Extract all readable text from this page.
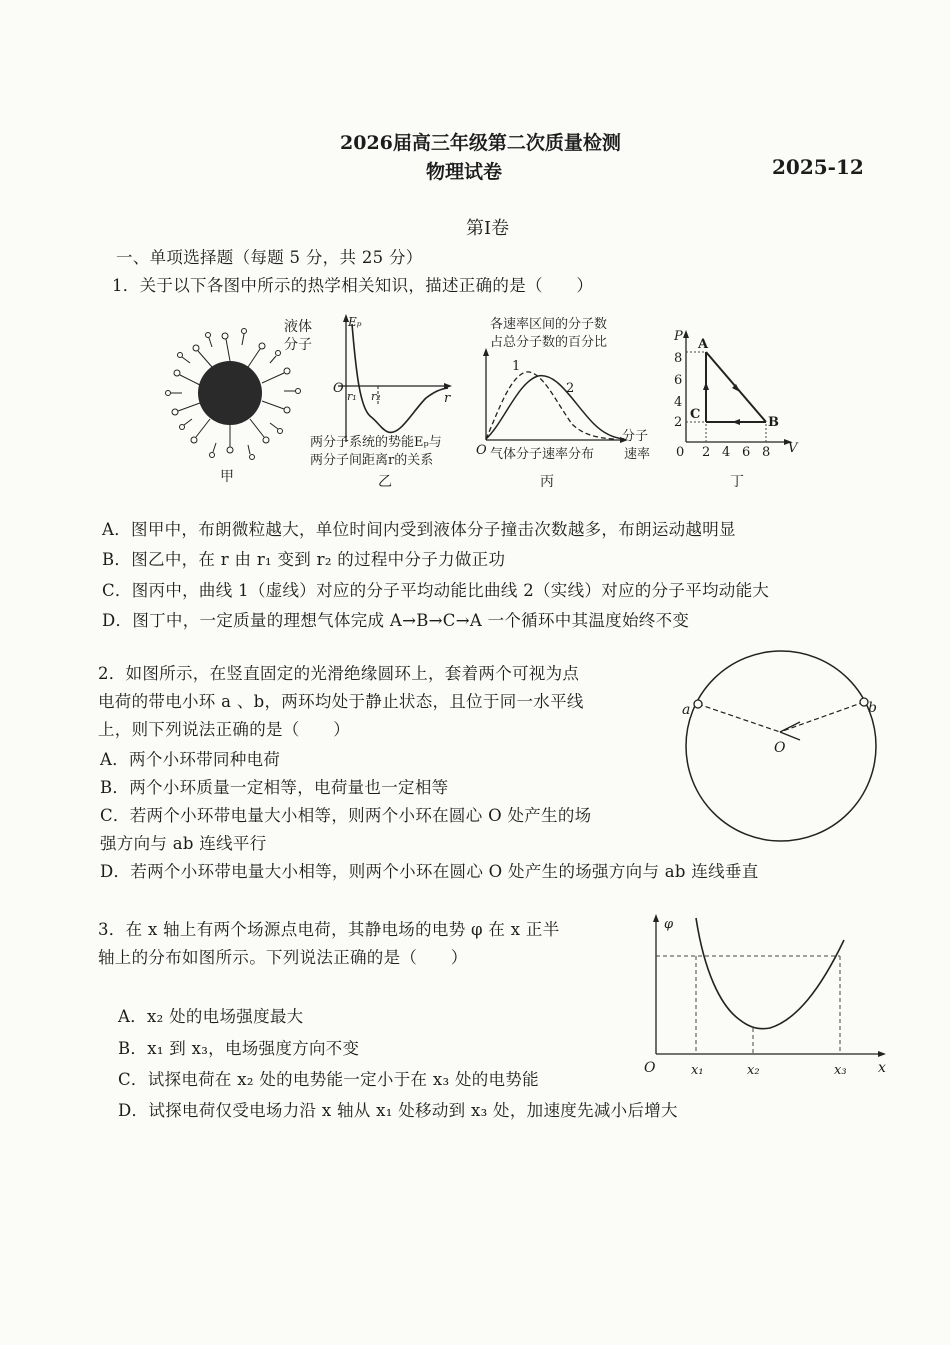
2026届高三年级第二次质量检测
物理试卷	2025-12
第I卷
一、单项选择题（每题 5 分，共 25 分）
1．关于以下各图中所示的热学相关知识，描述正确的是（　　）
液体
分子
甲
Eₚ
O
r₁ r₂	r
两分子系统的势能Eₚ与
两分子间距离r的关系
乙
各速率区间的分子数
占总分子数的百分比
1
2
O 气体分子速率分布
分子
速率
丙
P
8
6
4
2
0 2 4 6 8 V
A
B
C
丁
A．图甲中，布朗微粒越大，单位时间内受到液体分子撞击次数越多，布朗运动越明显
B．图乙中，在 r 由 r₁ 变到 r₂ 的过程中分子力做正功
C．图丙中，曲线 1（虚线）对应的分子平均动能比曲线 2（实线）对应的分子平均动能大
D．图丁中，一定质量的理想气体完成 A→B→C→A 一个循环中其温度始终不变
2．如图所示，在竖直固定的光滑绝缘圆环上，套着两个可视为点
电荷的带电小环 a 、b，两环均处于静止状态，且位于同一水平线
上，则下列说法正确的是（　　）
A．两个小环带同种电荷
B．两个小环质量一定相等，电荷量也一定相等
C．若两个小环带电量大小相等，则两个小环在圆心 O 处产生的场
强方向与 ab 连线平行
D．若两个小环带电量大小相等，则两个小环在圆心 O 处产生的场强方向与 ab 连线垂直
a	b
O
3．在 x 轴上有两个场源点电荷，其静电场的电势 φ 在 x 正半
轴上的分布如图所示。下列说法正确的是（　　）
A．x₂ 处的电场强度最大
B．x₁ 到 x₃，电场强度方向不变
C．试探电荷在 x₂ 处的电势能一定小于在 x₃ 处的电势能
D．试探电荷仅受电场力沿 x 轴从 x₁ 处移动到 x₃ 处，加速度先减小后增大
φ
x
O	x₁	x₂	x₃
